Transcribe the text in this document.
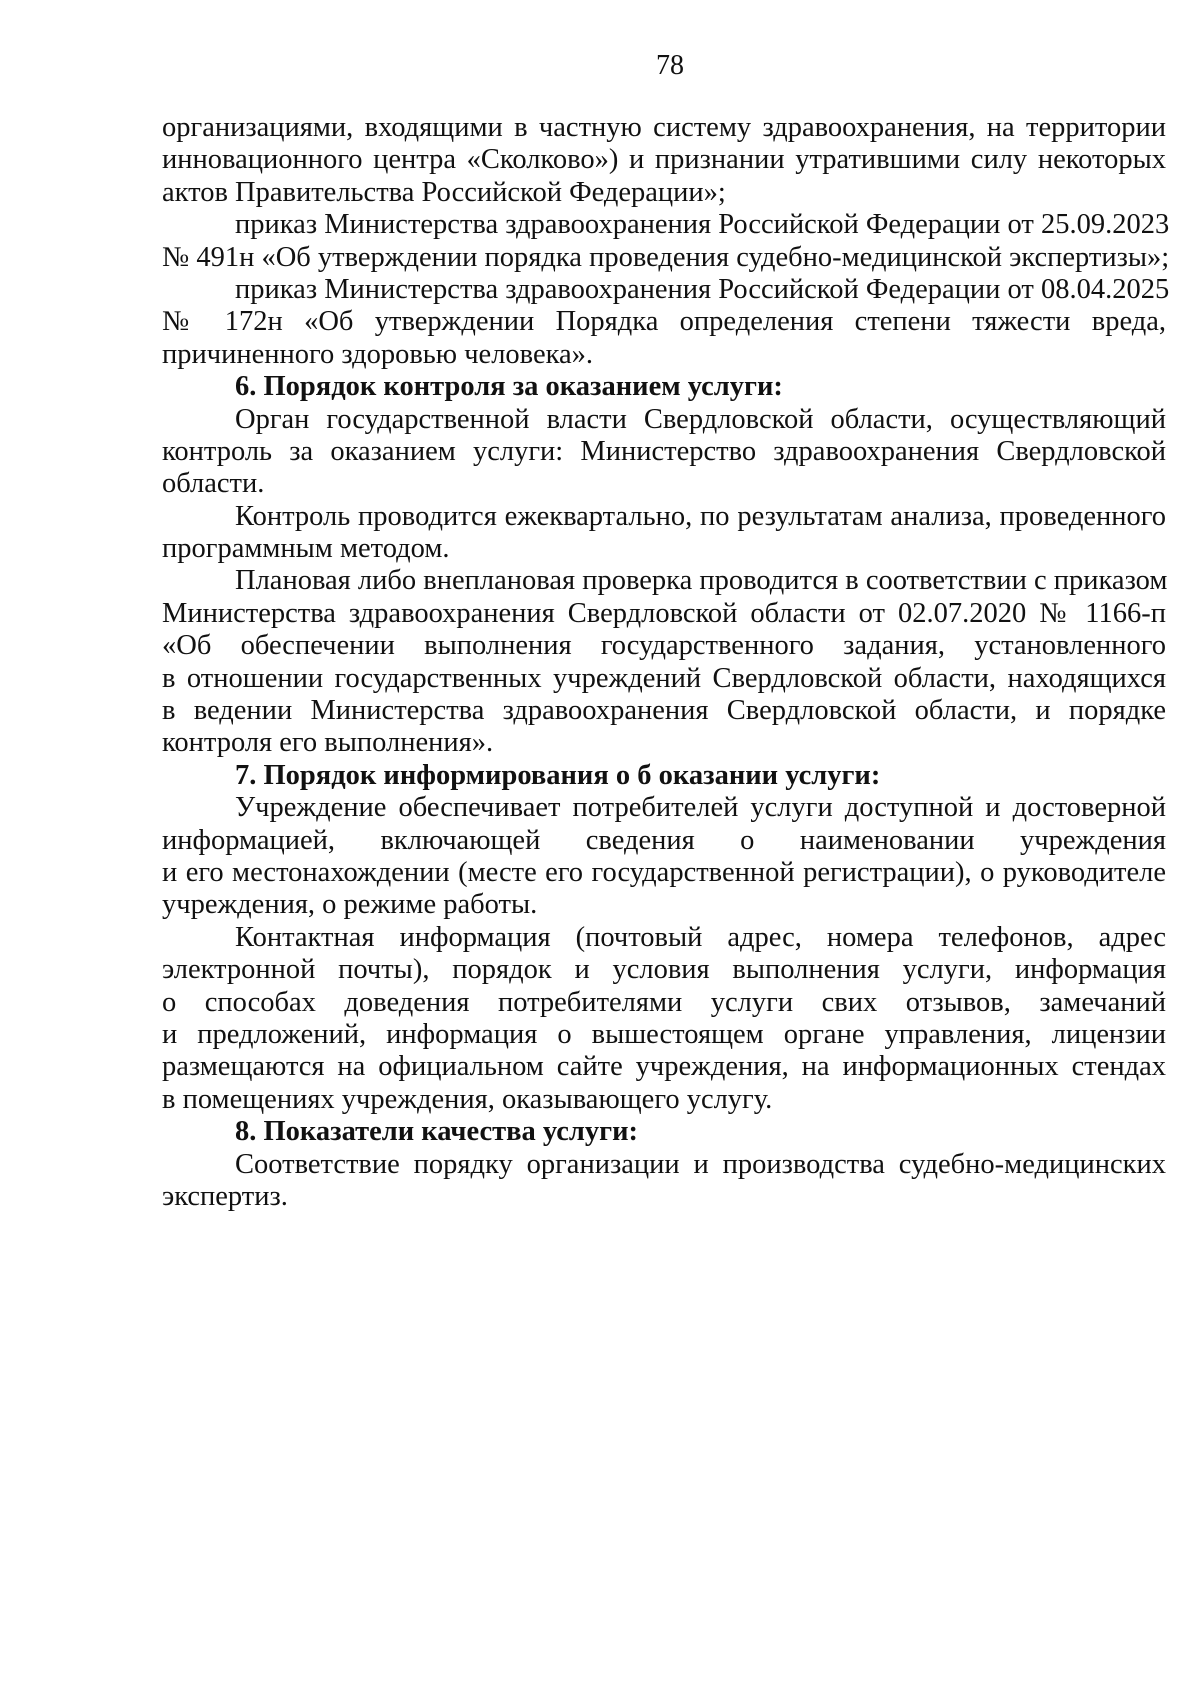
78
организациями, входящими в частную систему здравоохранения, на территории
инновационного центра «Сколково») и признании утратившими силу некоторых
актов Правительства Российской Федерации»;
приказ Министерства здравоохранения Российской Федерации от 25.09.2023
№ 491н «Об утверждении порядка проведения судебно-медицинской экспертизы»;
приказ Министерства здравоохранения Российской Федерации от 08.04.2025
№ 172н «Об утверждении Порядка определения степени тяжести вреда,
причиненного здоровью человека».
6. Порядок контроля за оказанием услуги:
Орган государственной власти Свердловской области, осуществляющий
контроль за оказанием услуги: Министерство здравоохранения Свердловской
области.
Контроль проводится ежеквартально, по результатам анализа, проведенного
программным методом.
Плановая либо внеплановая проверка проводится в соответствии с приказом
Министерства здравоохранения Свердловской области от 02.07.2020 № 1166-п
«Об обеспечении выполнения государственного задания, установленного
в отношении государственных учреждений Свердловской области, находящихся
в ведении Министерства здравоохранения Свердловской области, и порядке
контроля его выполнения».
7. Порядок информирования о б оказании услуги:
Учреждение обеспечивает потребителей услуги доступной и достоверной
информацией, включающей сведения о наименовании учреждения
и его местонахождении (месте его государственной регистрации), о руководителе
учреждения, о режиме работы.
Контактная информация (почтовый адрес, номера телефонов, адрес
электронной почты), порядок и условия выполнения услуги, информация
о способах доведения потребителями услуги свих отзывов, замечаний
и предложений, информация о вышестоящем органе управления, лицензии
размещаются на официальном сайте учреждения, на информационных стендах
в помещениях учреждения, оказывающего услугу.
8. Показатели качества услуги:
Соответствие порядку организации и производства судебно-медицинских
экспертиз.
